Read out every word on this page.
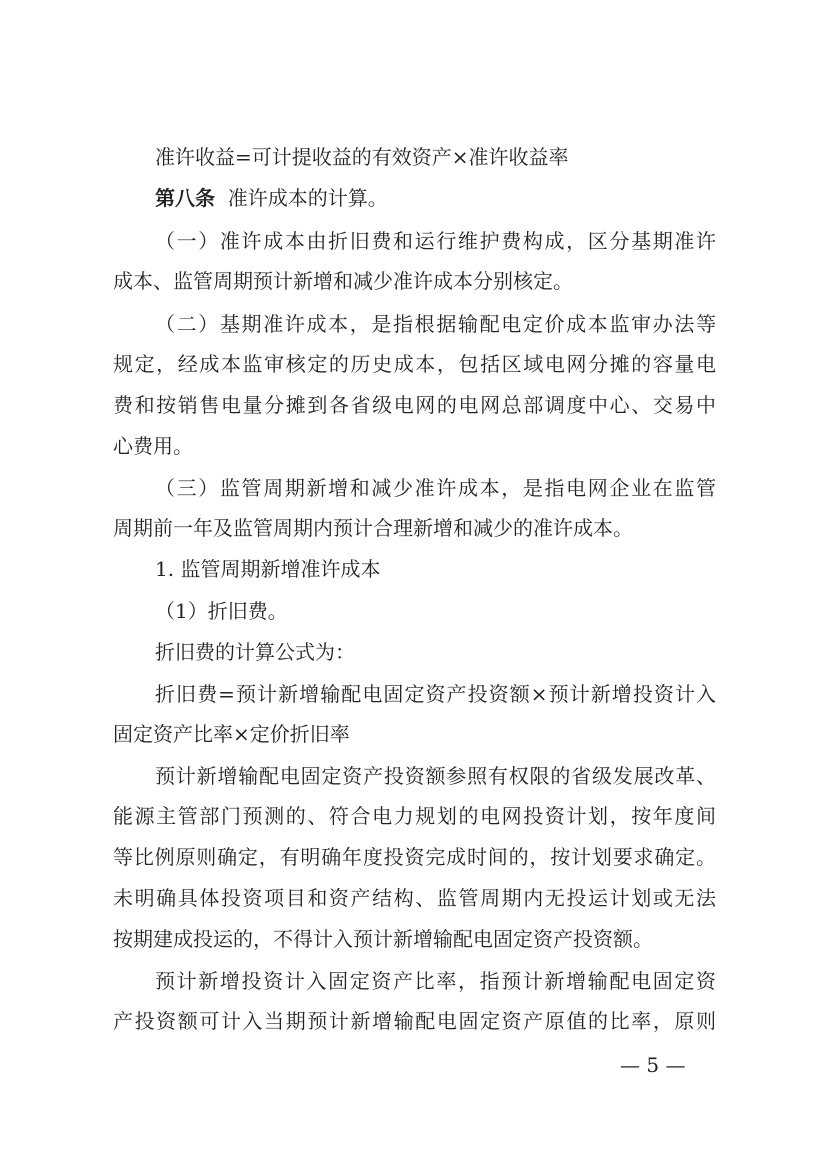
准许收益=可计提收益的有效资产×准许收益率
（一）准许成本由折旧费和运行维护费构成，区分基期准许
成本、监管周期预计新增和减少准许成本分别核定。
（二）基期准许成本，是指根据输配电定价成本监审办法等
规定，经成本监审核定的历史成本，包括区域电网分摊的容量电
费和按销售电量分摊到各省级电网的电网总部调度中心、交易中
心费用。
（三）监管周期新增和减少准许成本，是指电网企业在监管
周期前一年及监管周期内预计合理新增和减少的准许成本。
1. 监管周期新增准许成本
（1）折旧费。
折旧费的计算公式为：
折旧费=预计新增输配电固定资产投资额×预计新增投资计入
固定资产比率×定价折旧率
预计新增输配电固定资产投资额参照有权限的省级发展改革、
能源主管部门预测的、符合电力规划的电网投资计划，按年度间
等比例原则确定，有明确年度投资完成时间的，按计划要求确定。
未明确具体投资项目和资产结构、监管周期内无投运计划或无法
按期建成投运的，不得计入预计新增输配电固定资产投资额。
预计新增投资计入固定资产比率，指预计新增输配电固定资
产投资额可计入当期预计新增输配电固定资产原值的比率，原则
第八条 准许成本的计算。
— 5 —
